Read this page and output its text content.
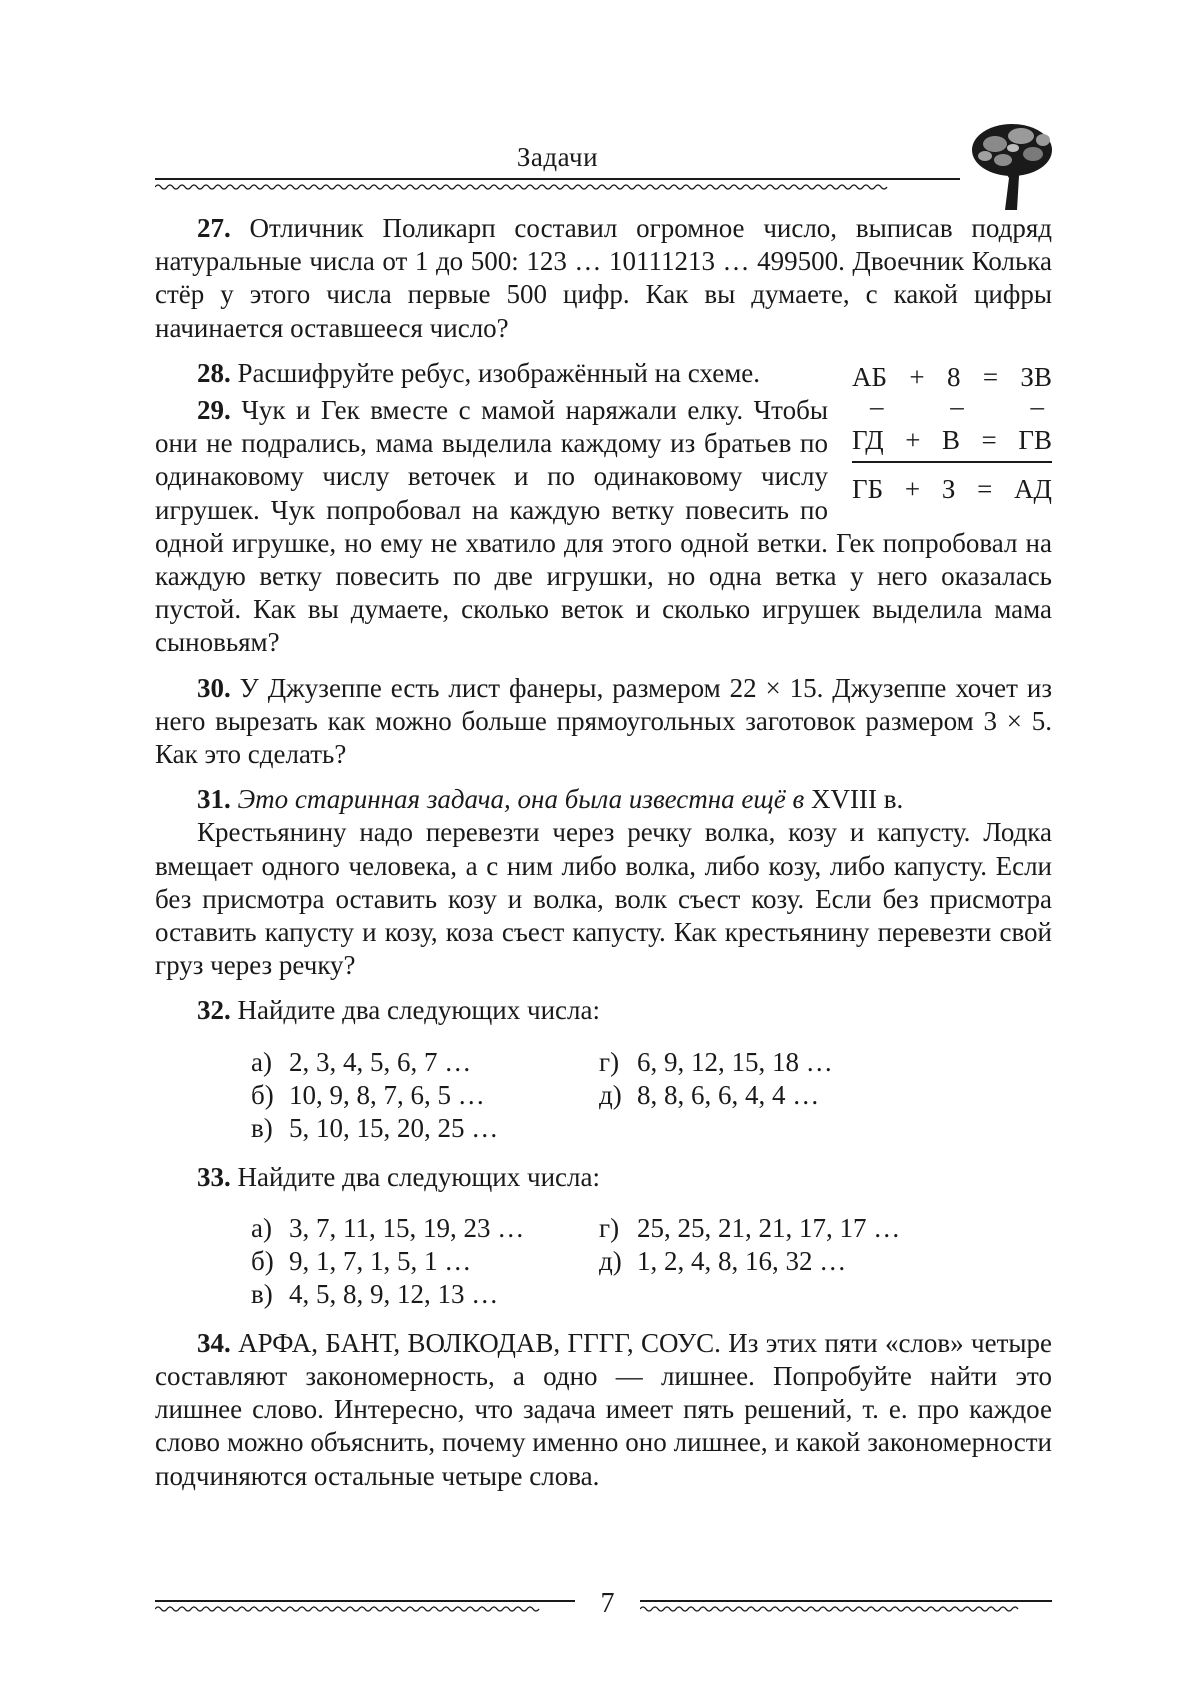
Задачи

27. Отличник Поликарп составил огромное число, выписав подряд натуральные числа от 1 до 500: 123 … 10111213 … 499500. Двоечник Колька стёр у этого числа первые 500 цифр. Как вы думаете, с какой цифры начинается оставшееся число?

АБ + 8 = ЗВ
– – –
ГД + В = ГВ
ГБ + З = АД

28. Расшифруйте ребус, изображённый на схеме.

29. Чук и Гек вместе с мамой наряжали елку. Чтобы они не подрались, мама выделила каждому из братьев по одинаковому числу веточек и по одинаковому числу игрушек. Чук попробовал на каждую ветку повесить по одной игрушке, но ему не хватило для этого одной ветки. Гек попробовал на каждую ветку повесить по две игрушки, но одна ветка у него оказалась пустой. Как вы думаете, сколько веток и сколько игрушек выделила мама сыновьям?

30. У Джузеппе есть лист фанеры, размером 22 × 15. Джузеппе хочет из него вырезать как можно больше прямоугольных заготовок размером 3 × 5. Как это сделать?

31. Это старинная задача, она была известна ещё в XVIII в.

Крестьянину надо перевезти через речку волка, козу и капусту. Лодка вмещает одного человека, а с ним либо волка, либо козу, либо капусту. Если без присмотра оставить козу и волка, волк съест козу. Если без присмотра оставить капусту и козу, коза съест капусту. Как крестьянину перевезти свой груз через речку?

32. Найдите два следующих числа:

а) 2, 3, 4, 5, 6, 7 …	г) 6, 9, 12, 15, 18 …
б) 10, 9, 8, 7, 6, 5 …	д) 8, 8, 6, 6, 4, 4 …
в) 5, 10, 15, 20, 25 …

33. Найдите два следующих числа:

а) 3, 7, 11, 15, 19, 23 …	г) 25, 25, 21, 21, 17, 17 …
б) 9, 1, 7, 1, 5, 1 …	д) 1, 2, 4, 8, 16, 32 …
в) 4, 5, 8, 9, 12, 13 …

34. АРФА, БАНТ, ВОЛКОДАВ, ГГГГ, СОУС. Из этих пяти «слов» четыре составляют закономерность, а одно — лишнее. Попробуйте найти это лишнее слово. Интересно, что задача имеет пять решений, т. е. про каждое слово можно объяснить, почему именно оно лишнее, и какой закономерности подчиняются остальные четыре слова.

7
